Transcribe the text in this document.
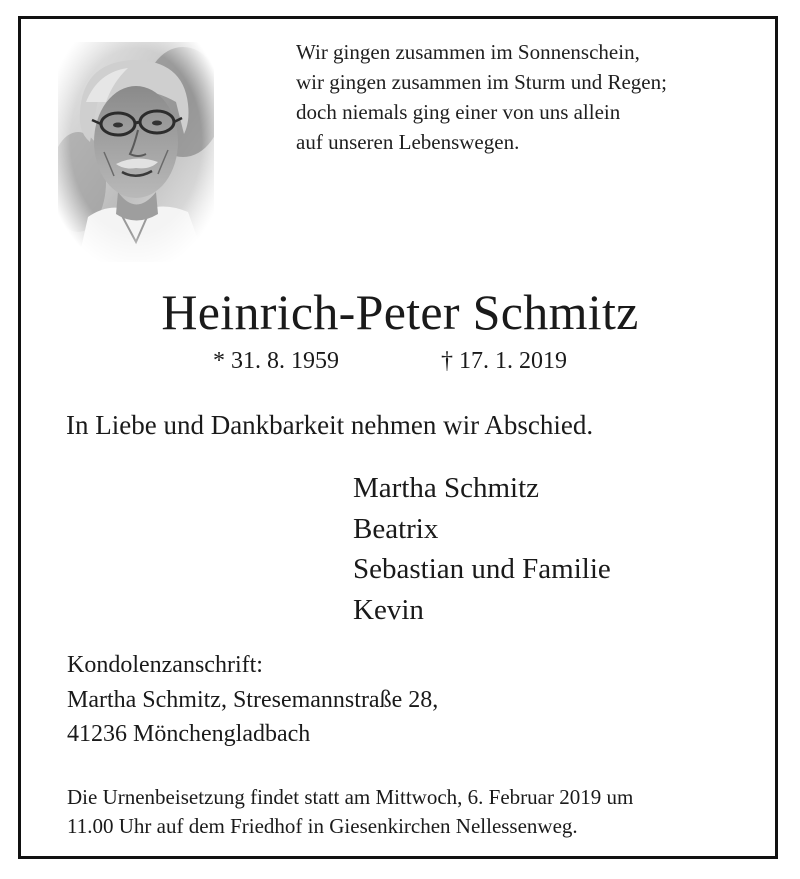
Wir gingen zusammen im Sonnenschein,
wir gingen zusammen im Sturm und Regen;
doch niemals ging einer von uns allein
auf unseren Lebenswegen.
Heinrich-Peter Schmitz
* 31. 8. 1959	† 17. 1. 2019
In Liebe und Dankbarkeit nehmen wir Abschied.
Martha Schmitz
Beatrix
Sebastian und Familie
Kevin
Kondolenzanschrift:
Martha Schmitz, Stresemannstraße 28,
41236 Mönchengladbach
Die Urnenbeisetzung findet statt am Mittwoch, 6. Februar 2019 um
11.00 Uhr auf dem Friedhof in Giesenkirchen Nellessenweg.
